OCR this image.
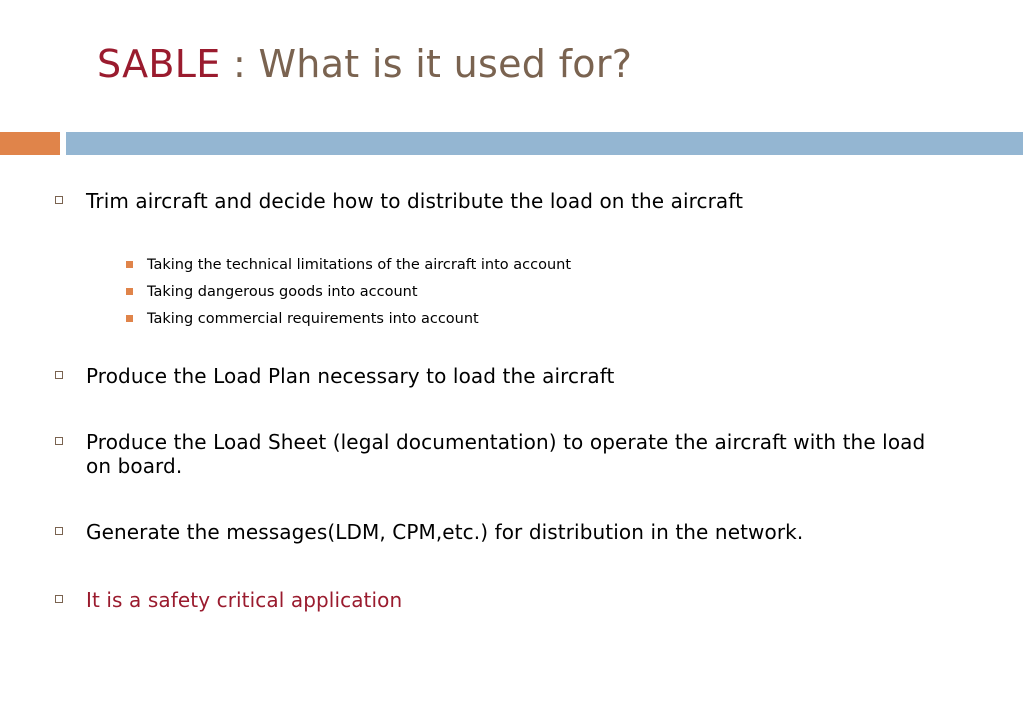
SABLE : What is it used for?
Trim aircraft and decide how to distribute the load on the aircraft
Taking the technical limitations of the aircraft into account
Taking dangerous goods into account
Taking commercial requirements into account
Produce the Load Plan necessary to load the aircraft
Produce the Load Sheet (legal documentation) to operate the aircraft with the load on board.
Generate the messages(LDM, CPM,etc.) for distribution in the network.
It is a safety critical application
